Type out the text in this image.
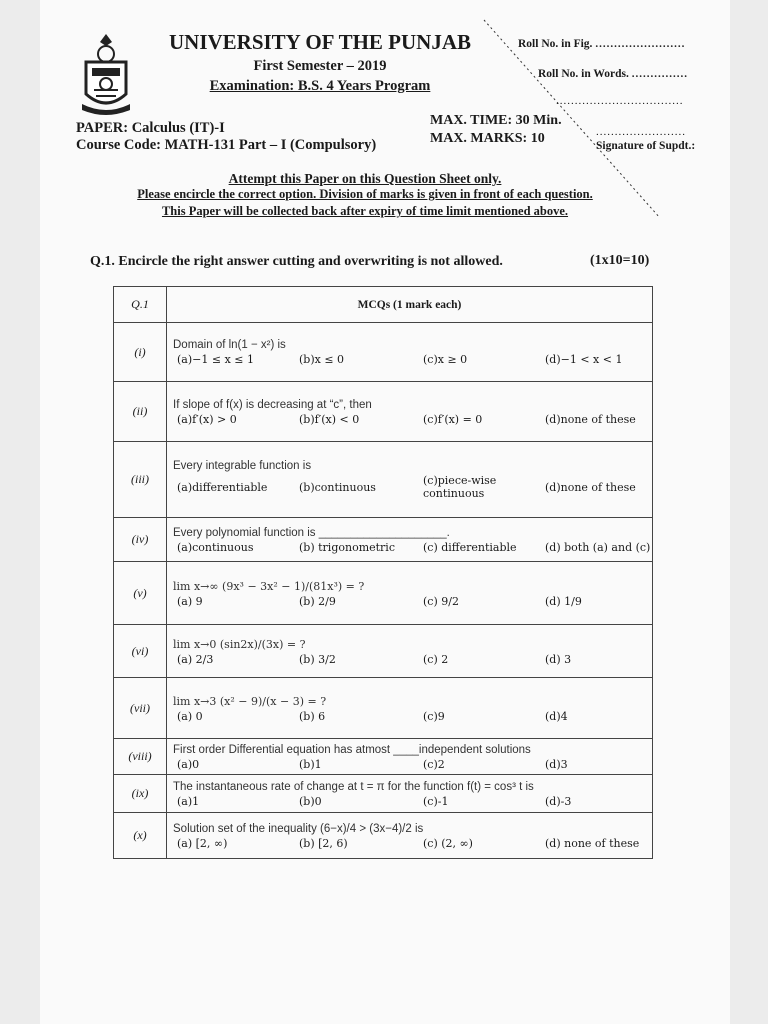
UNIVERSITY OF THE PUNJAB
First Semester – 2019
Examination: B.S. 4 Years Program
Roll No. in Fig. ........................
Roll No. in Words. ...............
..................................
........................
Signature of Supdt.:
PAPER: Calculus (IT)-I
Course Code: MATH-131 Part – I (Compulsory)
MAX. TIME: 30 Min.
MAX. MARKS: 10
Attempt this Paper on this Question Sheet only.
Please encircle the correct option. Division of marks is given in front of each question.
This Paper will be collected back after expiry of time limit mentioned above.
Q.1. Encircle the right answer cutting and overwriting is not allowed.	(1x10=10)
Q.1	MCQs (1 mark each)
(i)	Domain of ln(1 − x²) is
(a)−1 ≤ x ≤ 1 (b)x ≤ 0 (c)x ≥ 0 (d)−1 < x < 1

(ii)	If slope of f(x) is decreasing at “c”, then
(a)f′(x) > 0 (b)f′(x) < 0 (c)f′(x) = 0 (d)none of these

(iii)	Every integrable function is
(a)differentiable (b)continuous (c)piece-wise continuous (d)none of these

(iv)	Every polynomial function is ____________________.
(a)continuous (b) trigonometric (c) differentiable (d) both (a) and (c)

(v)	lim x→∞ (9x³ − 3x² − 1)/(81x³) = ?
(a) 9 (b) 2/9 (c) 9/2 (d) 1/9

(vi)	lim x→0 (sin2x)/(3x) = ?
(a) 2/3 (b) 3/2 (c) 2 (d) 3

(vii)	lim x→3 (x² − 9)/(x − 3) = ?
(a) 0 (b) 6 (c)9 (d)4

(viii)	First order Differential equation has atmost ____independent solutions
(a)0 (b)1 (c)2 (d)3

(ix)	The instantaneous rate of change at t = π for the function f(t) = cos³ t is
(a)1 (b)0 (c)-1 (d)-3

(x)	Solution set of the inequality (6−x)/4 > (3x−4)/2 is
(a) [2, ∞) (b) [2, 6) (c) (2, ∞) (d) none of these
